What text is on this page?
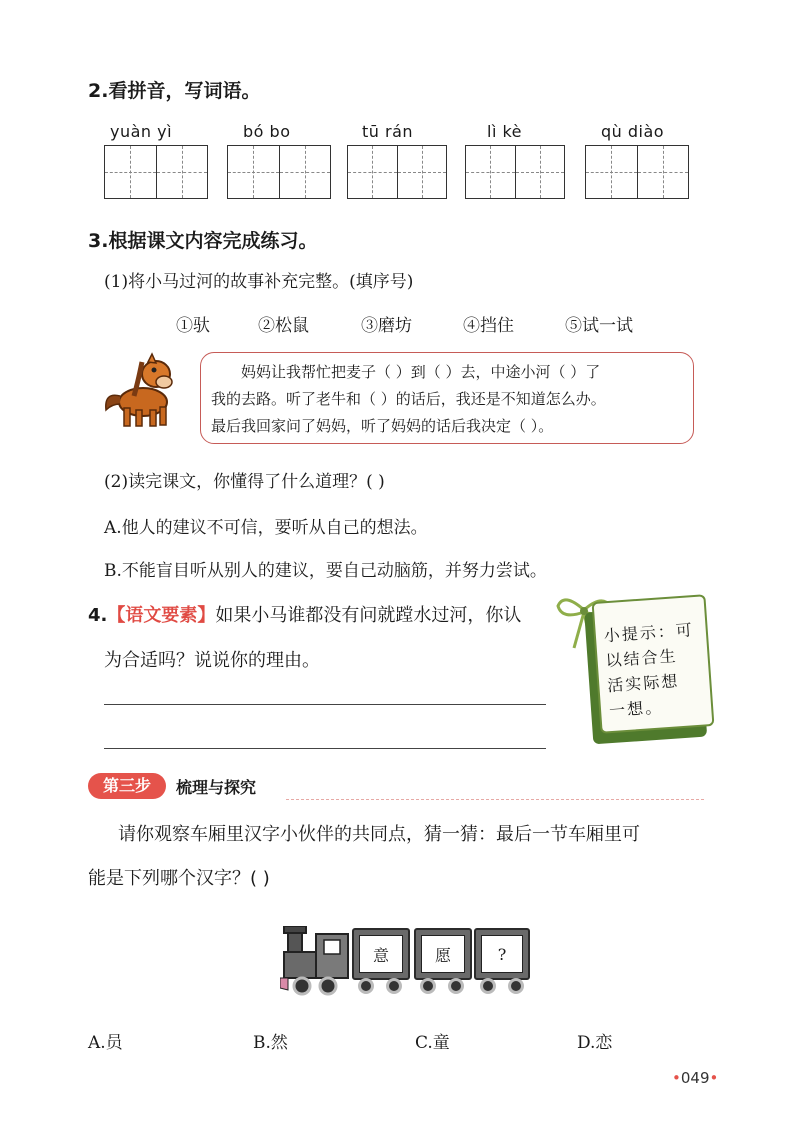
2.看拼音，写词语。
yuàn yì	bó bo	tū rán	lì kè	qù diào
3.根据课文内容完成练习。
(1)将小马过河的故事补充完整。(填序号)
①驮	②松鼠	③磨坊	④挡住	⑤试一试
妈妈让我帮忙把麦子（ ）到（ ）去，中途小河（ ）了
我的去路。听了老牛和（ ）的话后，我还是不知道怎么办。
最后我回家问了妈妈，听了妈妈的话后我决定（ ）。
(2)读完课文，你懂得了什么道理？( )
A.他人的建议不可信，要听从自己的想法。
B.不能盲目听从别人的建议，要自己动脑筋，并努力尝试。
4.【语文要素】如果小马谁都没有问就蹚水过河，你认
为合适吗？说说你的理由。
小提示：可
以结合生
活实际想
一想。
第三步	梳理与探究
请你观察车厢里汉字小伙伴的共同点，猜一猜：最后一节车厢里可
能是下列哪个汉字？( )
意	愿	?
A.员	B.然	C.童	D.恋
•049•
